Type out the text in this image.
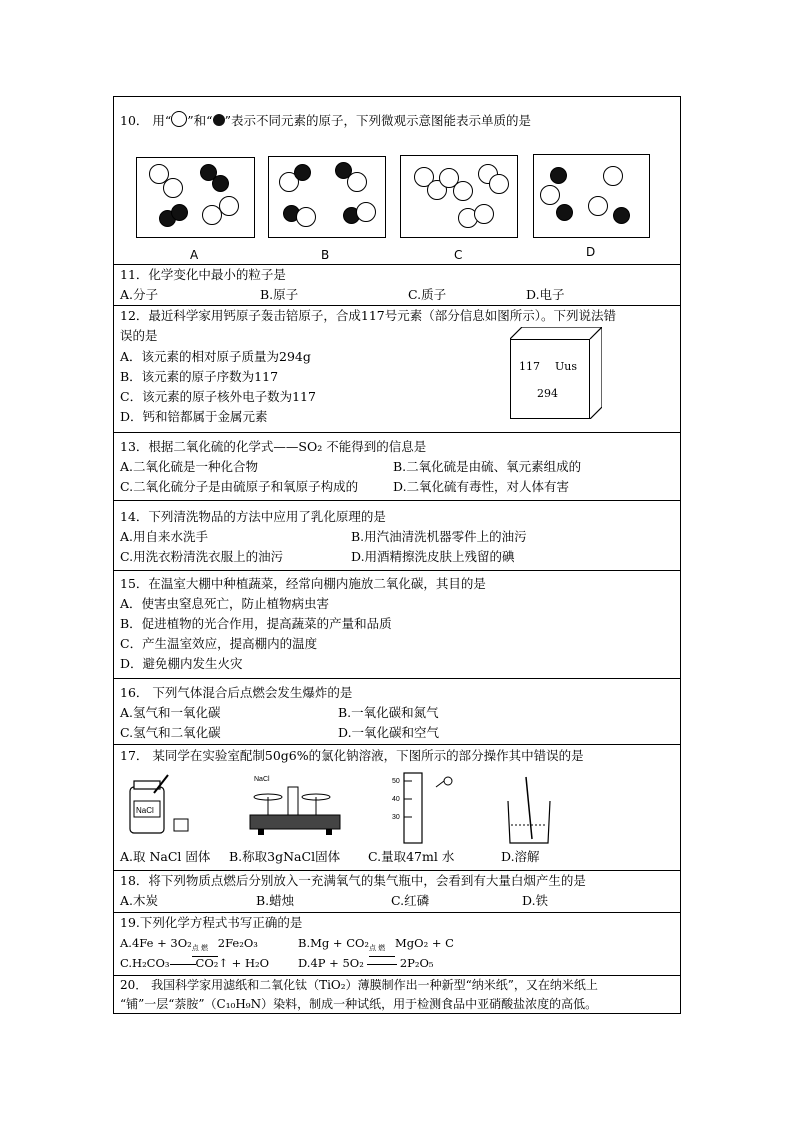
10． 用“ ”和“ ”表示不同元素的原子，下列微观示意图能表示单质的是
A	B	C	D
11．化学变化中最小的粒子是
A.分子	B.原子	C.质子	D.电子
12．最近科学家用钙原子轰击锫原子，合成117号元素（部分信息如图所示）。下列说法错
误的是
A．该元素的相对原子质量为294g
B．该元素的原子序数为117
C．该元素的原子核外电子数为117
D．钙和锫都属于金属元素
117 Uus
294
13．根据二氧化硫的化学式——SO₂ 不能得到的信息是
A.二氧化硫是一种化合物	B.二氧化硫是由硫、氧元素组成的
C.二氧化硫分子是由硫原子和氧原子构成的	D.二氧化硫有毒性，对人体有害
14．下列清洗物品的方法中应用了乳化原理的是
A.用自来水洗手	B.用汽油清洗机器零件上的油污
C.用洗衣粉清洗衣服上的油污	D.用酒精擦洗皮肤上残留的碘
15．在温室大棚中种植蔬菜，经常向棚内施放二氧化碳，其目的是
A．使害虫窒息死亡，防止植物病虫害
B．促进植物的光合作用，提高蔬菜的产量和品质
C．产生温室效应，提高棚内的温度
D．避免棚内发生火灾
16． 下列气体混合后点燃会发生爆炸的是
A.氢气和一氧化碳	B.一氧化碳和氮气
C.氢气和二氧化碳	D.一氧化碳和空气
17． 某同学在实验室配制50g6%的氯化钠溶液，下图所示的部分操作其中错误的是
NaCl
NaCl	50
40
30
A.取 NaCl 固体 B.称取3gNaCl固体 C.量取47ml 水	D.溶解
18．将下列物质点燃后分别放入一充满氧气的集气瓶中，会看到有大量白烟产生的是
A.木炭	B.蜡烛	C.红磷	D.铁
19.下列化学方程式书写正确的是
A.4Fe + 3O₂ 点 燃 2Fe₂O₃	B.Mg + CO₂ 点 燃 MgO₂ + C
C.H₂CO₃ CO₂↑ + H₂O	D.4P + 5O₂	2P₂O₅
20． 我国科学家用滤纸和二氧化钛（TiO₂）薄膜制作出一种新型“纳米纸”，又在纳米纸上
“铺”一层“萘胺”（C₁₀H₉N）染料，制成一种试纸，用于检测食品中亚硝酸盐浓度的高低。
